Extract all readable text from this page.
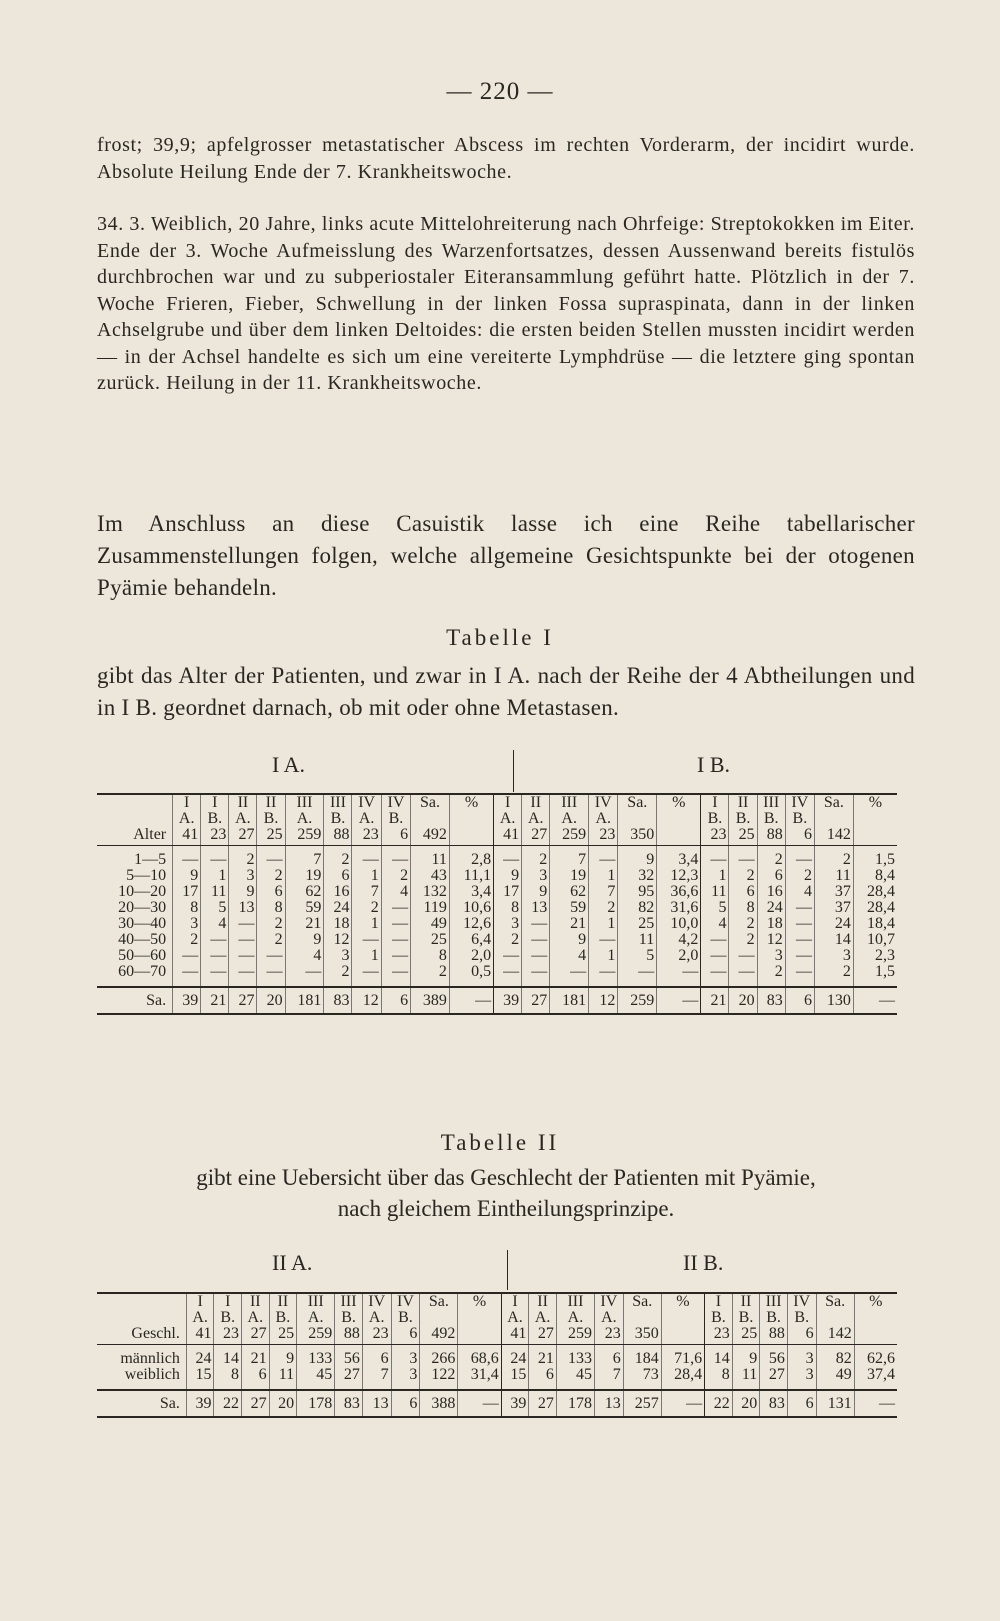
— 220 —
frost; 39,9; apfelgrosser metastatischer Abscess im rechten Vorderarm, der incidirt wurde. Absolute Heilung Ende der 7. Krankheitswoche.
34. 3. Weiblich, 20 Jahre, links acute Mittelohreiterung nach Ohrfeige: Streptokokken im Eiter. Ende der 3. Woche Aufmeisslung des Warzenfortsatzes, dessen Aussenwand bereits fistulös durchbrochen war und zu subperiostaler Eiteransammlung geführt hatte. Plötzlich in der 7. Woche Frieren, Fieber, Schwellung in der linken Fossa supraspinata, dann in der linken Achselgrube und über dem linken Deltoides: die ersten beiden Stellen mussten incidirt werden — in der Achsel handelte es sich um eine vereiterte Lymphdrüse — die letztere ging spontan zurück. Heilung in der 11. Krankheitswoche.
Im Anschluss an diese Casuistik lasse ich eine Reihe tabellarischer Zusammenstellungen folgen, welche allgemeine Gesichtspunkte bei der otogenen Pyämie behandeln.
Tabelle I
gibt das Alter der Patienten, und zwar in I A. nach der Reihe der 4 Abtheilungen und in I B. geordnet darnach, ob mit oder ohne Metastasen.
I A.	I B.
	I	I	II	II	III	III	IV	IV	Sa.	%	I	II	III	IV	Sa.	%	I	II	III	IV	Sa.	%
	A.	B.	A.	B.	A.	B.	A.	B.			A.	A.	A.	A.			B.	B.	B.	B.		
Alter	41	23	27	25	259	88	23	6	492		41	27	259	23	350		23	25	88	6	142	
1—5	—	—	2	—	7	2	—	—	11	2,8	—	2	7	—	9	3,4	—	—	2	—	2	1,5
5—10	9	1	3	2	19	6	1	2	43	11,1	9	3	19	1	32	12,3	1	2	6	2	11	8,4
10—20	17	11	9	6	62	16	7	4	132	3,4	17	9	62	7	95	36,6	11	6	16	4	37	28,4
20—30	8	5	13	8	59	24	2	—	119	10,6	8	13	59	2	82	31,6	5	8	24	—	37	28,4
30—40	3	4	—	2	21	18	1	—	49	12,6	3	—	21	1	25	10,0	4	2	18	—	24	18,4
40—50	2	—	—	2	9	12	—	—	25	6,4	2	—	9	—	11	4,2	—	2	12	—	14	10,7
50—60	—	—	—	—	4	3	1	—	8	2,0	—	—	4	1	5	2,0	—	—	3	—	3	2,3
60—70	—	—	—	—	—	2	—	—	2	0,5	—	—	—	—	—	—	—	—	2	—	2	1,5
Sa.	39	21	27	20	181	83	12	6	389	—	39	27	181	12	259	—	21	20	83	6	130	—
Tabelle II
gibt eine Uebersicht über das Geschlecht der Patienten mit Pyämie,
nach gleichem Eintheilungsprinzipe.
II A.	II B.
	I	I	II	II	III	III	IV	IV	Sa.	%	I	II	III	IV	Sa.	%	I	II	III	IV	Sa.	%
	A.	B.	A.	B.	A.	B.	A.	B.			A.	A.	A.	A.			B.	B.	B.	B.		
Geschl.	41	23	27	25	259	88	23	6	492		41	27	259	23	350		23	25	88	6	142	
männlich	24	14	21	9	133	56	6	3	266	68,6	24	21	133	6	184	71,6	14	9	56	3	82	62,6
weiblich	15	8	6	11	45	27	7	3	122	31,4	15	6	45	7	73	28,4	8	11	27	3	49	37,4
Sa.	39	22	27	20	178	83	13	6	388	—	39	27	178	13	257	—	22	20	83	6	131	—
